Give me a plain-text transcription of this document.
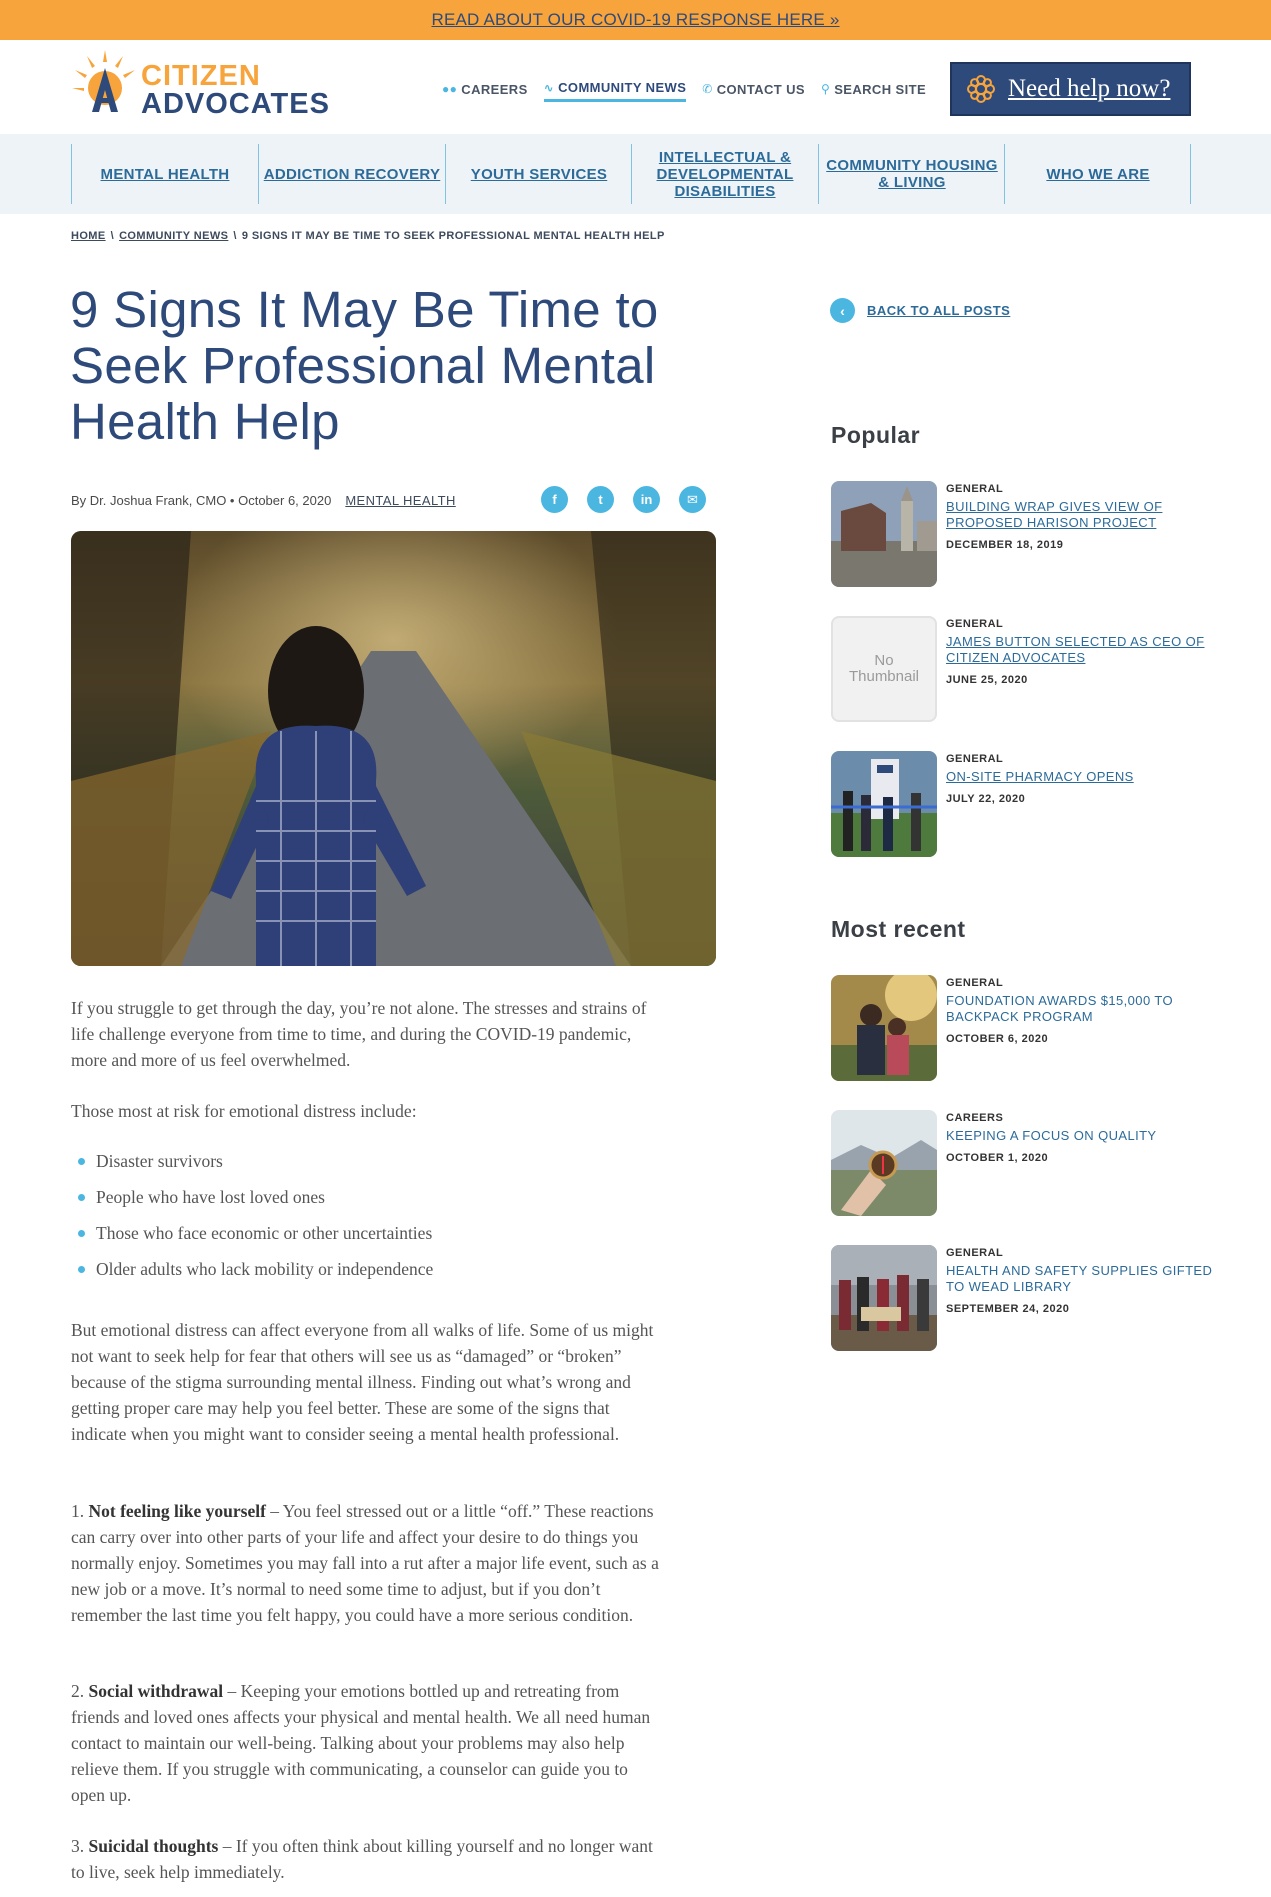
READ ABOUT OUR COVID-19 RESPONSE HERE »
CITIZEN
ADVOCATES	●● CAREERS ∿ COMMUNITY NEWS ✆ CONTACT US ⚲ SEARCH SITE	Need help now?
MENTAL HEALTH	ADDICTION RECOVERY	YOUTH SERVICES
INTELLECTUAL & DEVELOPMENTAL DISABILITIES
COMMUNITY HOUSING & LIVING	WHO WE ARE
HOME \ COMMUNITY NEWS \ 9 SIGNS IT MAY BE TIME TO SEEK PROFESSIONAL MENTAL HEALTH HELP
9 Signs It May Be Time to Seek Professional Mental Health Help
By Dr. Joshua Frank, CMO • October 6, 2020 MENTAL HEALTH	f	t	in	✉

If you struggle to get through the day, you’re not alone. The stresses and strains of life challenge everyone from time to time, and during the COVID-19 pandemic, more and more of us feel overwhelmed.

Those most at risk for emotional distress include:

Disaster survivors
People who have lost loved ones
Those who face economic or other uncertainties
Older adults who lack mobility or independence

But emotional distress can affect everyone from all walks of life. Some of us might not want to seek help for fear that others will see us as “damaged” or “broken” because of the stigma surrounding mental illness. Finding out what’s wrong and getting proper care may help you feel better. These are some of the signs that indicate when you might want to consider seeing a mental health professional.

1. Not feeling like yourself – You feel stressed out or a little “off.” These reactions can carry over into other parts of your life and affect your desire to do things you normally enjoy. Sometimes you may fall into a rut after a major life event, such as a new job or a move. It’s normal to need some time to adjust, but if you don’t remember the last time you felt happy, you could have a more serious condition.

2. Social withdrawal – Keeping your emotions bottled up and retreating from friends and loved ones affects your physical and mental health. We all need human contact to maintain our well-being. Talking about your problems may also help relieve them. If you struggle with communicating, a counselor can guide you to open up.

3. Suicidal thoughts – If you often think about killing yourself and no longer want to live, seek help immediately.

‹	BACK TO ALL POSTS
Popular
GENERAL
BUILDING WRAP GIVES VIEW OF PROPOSED HARISON PROJECT
DECEMBER 18, 2019
No
Thumbnail
GENERAL
JAMES BUTTON SELECTED AS CEO OF CITIZEN ADVOCATES
JUNE 25, 2020
GENERAL
ON-SITE PHARMACY OPENS
JULY 22, 2020
Most recent
GENERAL
FOUNDATION AWARDS $15,000 TO BACKPACK PROGRAM
OCTOBER 6, 2020
CAREERS
KEEPING A FOCUS ON QUALITY
OCTOBER 1, 2020
GENERAL
HEALTH AND SAFETY SUPPLIES GIFTED TO WEAD LIBRARY
SEPTEMBER 24, 2020
